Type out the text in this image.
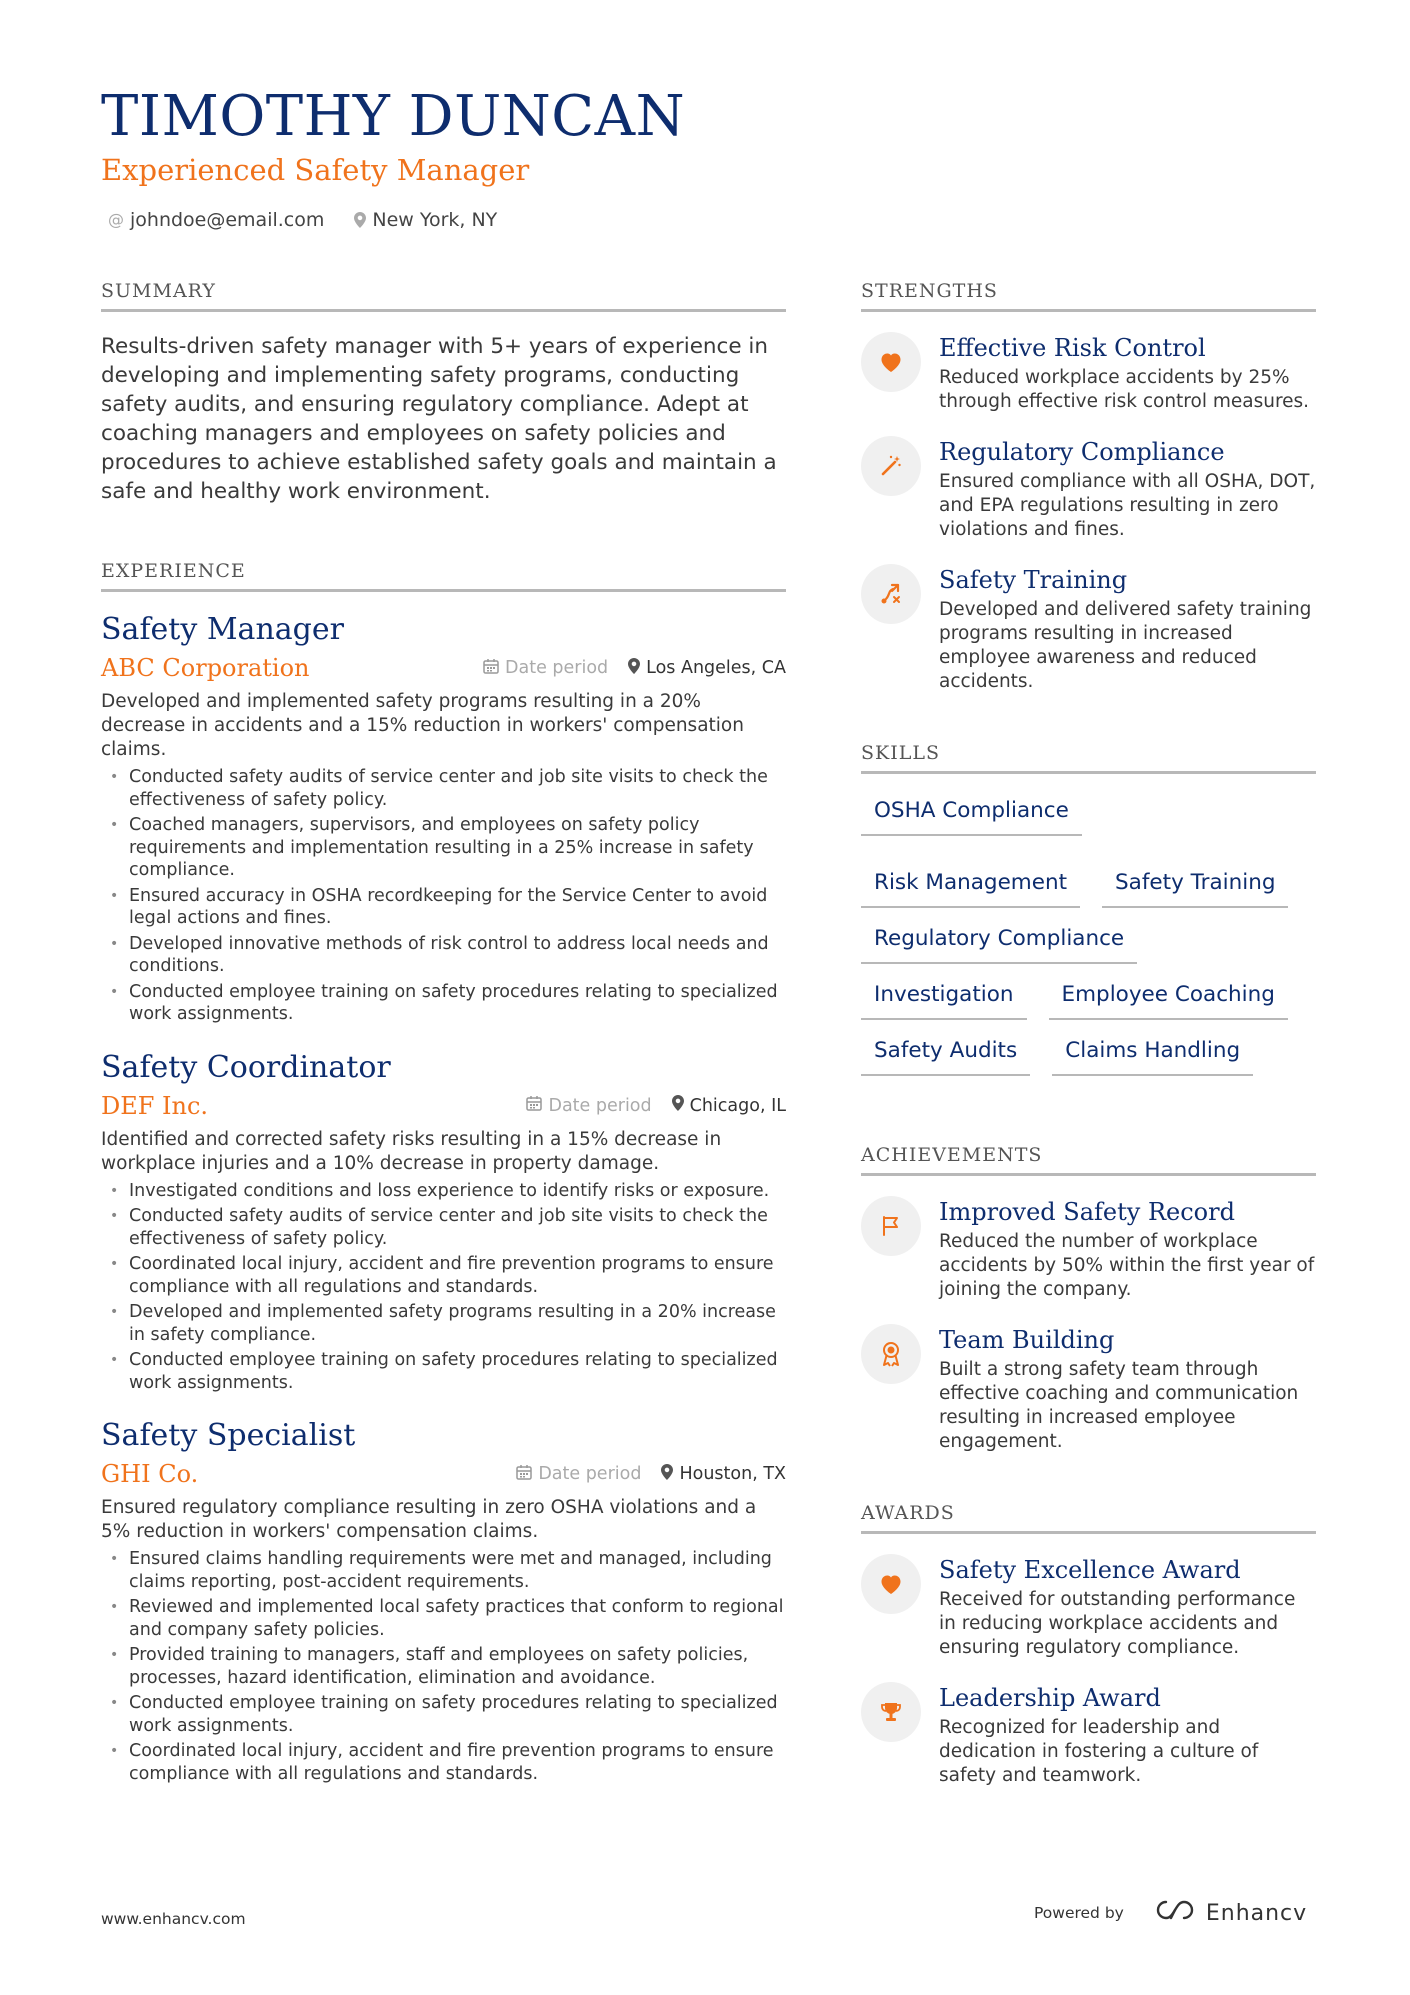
TIMOTHY DUNCAN
Experienced Safety Manager
@ johndoe@email.com	New York, NY
SUMMARY

Results-driven safety manager with 5+ years of experience in developing and implementing safety programs, conducting safety audits, and ensuring regulatory compliance. Adept at coaching managers and employees on safety policies and procedures to achieve established safety goals and maintain a safe and healthy work environment.

EXPERIENCE
Safety Manager
ABC Corporation	Date period Los Angeles, CA

Developed and implemented safety programs resulting in a 20% decrease in accidents and a 15% reduction in workers' compensation claims.

• Conducted safety audits of service center and job site visits to check the effectiveness of safety policy.
• Coached managers, supervisors, and employees on safety policy requirements and implementation resulting in a 25% increase in safety compliance.
• Ensured accuracy in OSHA recordkeeping for the Service Center to avoid legal actions and fines.
• Developed innovative methods of risk control to address local needs and conditions.
• Conducted employee training on safety procedures relating to specialized work assignments.
Safety Coordinator
DEF Inc.	Date period Chicago, IL

Identified and corrected safety risks resulting in a 15% decrease in workplace injuries and a 10% decrease in property damage.

• Investigated conditions and loss experience to identify risks or exposure.
• Conducted safety audits of service center and job site visits to check the effectiveness of safety policy.
• Coordinated local injury, accident and fire prevention programs to ensure compliance with all regulations and standards.
• Developed and implemented safety programs resulting in a 20% increase in safety compliance.
• Conducted employee training on safety procedures relating to specialized work assignments.
Safety Specialist
GHI Co.	Date period Houston, TX

Ensured regulatory compliance resulting in zero OSHA violations and a 5% reduction in workers' compensation claims.

• Ensured claims handling requirements were met and managed, including claims reporting, post-accident requirements.
• Reviewed and implemented local safety practices that conform to regional and company safety policies.
• Provided training to managers, staff and employees on safety policies, processes, hazard identification, elimination and avoidance.
• Conducted employee training on safety procedures relating to specialized work assignments.
• Coordinated local injury, accident and fire prevention programs to ensure compliance with all regulations and standards.
STRENGTHS
Effective Risk Control
Reduced workplace accidents by 25% through effective risk control measures.
Regulatory Compliance
Ensured compliance with all OSHA, DOT, and EPA regulations resulting in zero violations and fines.
Safety Training
Developed and delivered safety training programs resulting in increased employee awareness and reduced accidents.
SKILLS
OSHA Compliance
Risk Management	Safety Training
Regulatory Compliance
Investigation	Employee Coaching
Safety Audits	Claims Handling
ACHIEVEMENTS
Improved Safety Record
Reduced the number of workplace accidents by 50% within the first year of joining the company.
Team Building
Built a strong safety team through effective coaching and communication resulting in increased employee engagement.
AWARDS
Safety Excellence Award
Received for outstanding performance in reducing workplace accidents and ensuring regulatory compliance.
Leadership Award
Recognized for leadership and dedication in fostering a culture of safety and teamwork.
www.enhancv.com	Powered by	Enhancv
